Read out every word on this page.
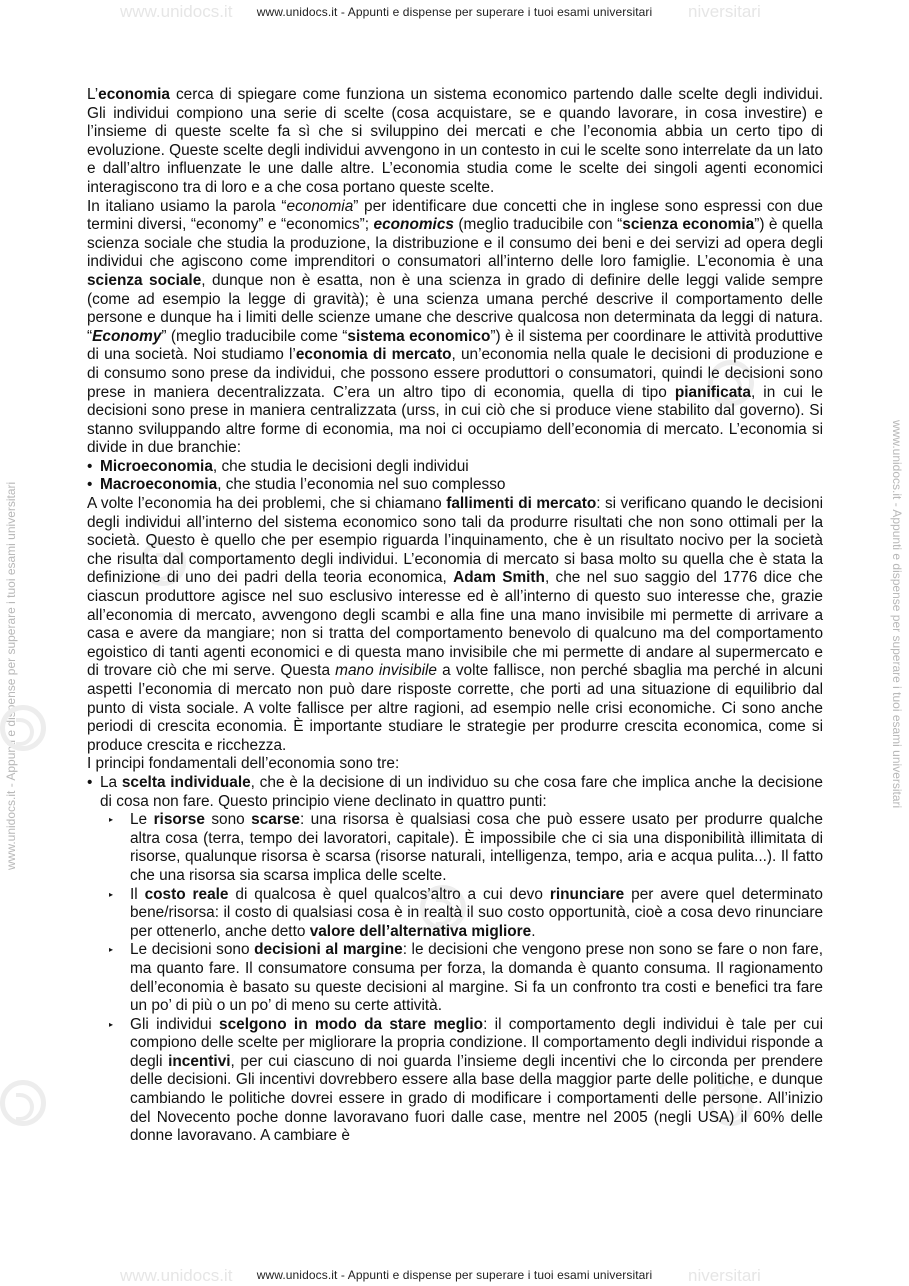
www.unidocs.it	niversitari
www.unidocs.it	niversitari
www.unidocs.it - Appunti e dispense per superare i tuoi esami universitari	www.unidocs.it - Appunti e dispense per superare i tuoi esami universitari
www.unidocs.it - Appunti e dispense per superare i tuoi esami universitari

L’economia cerca di spiegare come funziona un sistema economico partendo dalle scelte degli individui. Gli individui compiono una serie di scelte (cosa acquistare, se e quando lavorare, in cosa investire) e l’insieme di queste scelte fa sì che si sviluppino dei mercati e che l’economia abbia un certo tipo di evoluzione. Queste scelte degli individui avvengono in un contesto in cui le scelte sono interrelate da un lato e dall’altro influenzate le une dalle altre. L’economia studia come le scelte dei singoli agenti economici interagiscono tra di loro e a che cosa portano queste scelte.

In italiano usiamo la parola “economia” per identificare due concetti che in inglese sono espressi con due termini diversi, “economy” e “economics”; economics (meglio traducibile con “scienza economia”) è quella scienza sociale che studia la produzione, la distribuzione e il consumo dei beni e dei servizi ad opera degli individui che agiscono come imprenditori o consumatori all’interno delle loro famiglie. L’economia è una scienza sociale, dunque non è esatta, non è una scienza in grado di definire delle leggi valide sempre (come ad esempio la legge di gravità); è una scienza umana perché descrive il comportamento delle persone e dunque ha i limiti delle scienze umane che descrive qualcosa non determinata da leggi di natura. “Economy” (meglio traducibile come “sistema economico”) è il sistema per coordinare le attività produttive di una società. Noi studiamo l’economia di mercato, un’economia nella quale le decisioni di produzione e di consumo sono prese da individui, che possono essere produttori o consumatori, quindi le decisioni sono prese in maniera decentralizzata. C’era un altro tipo di economia, quella di tipo pianificata, in cui le decisioni sono prese in maniera centralizzata (urss, in cui ciò che si produce viene stabilito dal governo). Si stanno sviluppando altre forme di economia, ma noi ci occupiamo dell’economia di mercato. L’economia si divide in due branchie:

• Microeconomia, che studia le decisioni degli individui
• Macroeconomia, che studia l’economia nel suo complesso

A volte l’economia ha dei problemi, che si chiamano fallimenti di mercato: si verificano quando le decisioni degli individui all’interno del sistema economico sono tali da produrre risultati che non sono ottimali per la società. Questo è quello che per esempio riguarda l’inquinamento, che è un risultato nocivo per la società che risulta dal comportamento degli individui. L’economia di mercato si basa molto su quella che è stata la definizione di uno dei padri della teoria economica, Adam Smith, che nel suo saggio del 1776 dice che ciascun produttore agisce nel suo esclusivo interesse ed è all’interno di questo suo interesse che, grazie all’economia di mercato, avvengono degli scambi e alla fine una mano invisibile mi permette di arrivare a casa e avere da mangiare; non si tratta del comportamento benevolo di qualcuno ma del comportamento egoistico di tanti agenti economici e di questa mano invisibile che mi permette di andare al supermercato e di trovare ciò che mi serve. Questa mano invisibile a volte fallisce, non perché sbaglia ma perché in alcuni aspetti l’economia di mercato non può dare risposte corrette, che porti ad una situazione di equilibrio dal punto di vista sociale. A volte fallisce per altre ragioni, ad esempio nelle crisi economiche. Ci sono anche periodi di crescita economia. È importante studiare le strategie per produrre crescita economica, come si produce crescita e ricchezza.

I principi fondamentali dell’economia sono tre:

• La scelta individuale, che è la decisione di un individuo su che cosa fare che implica anche la decisione di cosa non fare. Questo principio viene declinato in quattro punti:
▸ Le risorse sono scarse: una risorsa è qualsiasi cosa che può essere usato per produrre qualche altra cosa (terra, tempo dei lavoratori, capitale). È impossibile che ci sia una disponibilità illimitata di risorse, qualunque risorsa è scarsa (risorse naturali, intelligenza, tempo, aria e acqua pulita...). Il fatto che una risorsa sia scarsa implica delle scelte.
▸ Il costo reale di qualcosa è quel qualcos’altro a cui devo rinunciare per avere quel determinato bene/risorsa: il costo di qualsiasi cosa è in realtà il suo costo opportunità, cioè a cosa devo rinunciare per ottenerlo, anche detto valore dell’alternativa migliore.
▸ Le decisioni sono decisioni al margine: le decisioni che vengono prese non sono se fare o non fare, ma quanto fare. Il consumatore consuma per forza, la domanda è quanto consuma. Il ragionamento dell’economia è basato su queste decisioni al margine. Si fa un confronto tra costi e benefici tra fare un po’ di più o un po’ di meno su certe attività.
▸ Gli individui scelgono in modo da stare meglio: il comportamento degli individui è tale per cui compiono delle scelte per migliorare la propria condizione. Il comportamento degli individui risponde a degli incentivi, per cui ciascuno di noi guarda l’insieme degli incentivi che lo circonda per prendere delle decisioni. Gli incentivi dovrebbero essere alla base della maggior parte delle politiche, e dunque cambiando le politiche dovrei essere in grado di modificare i comportamenti delle persone. All’inizio del Novecento poche donne lavoravano fuori dalle case, mentre nel 2005 (negli USA) il 60% delle donne lavoravano. A cambiare è
www.unidocs.it - Appunti e dispense per superare i tuoi esami universitari
